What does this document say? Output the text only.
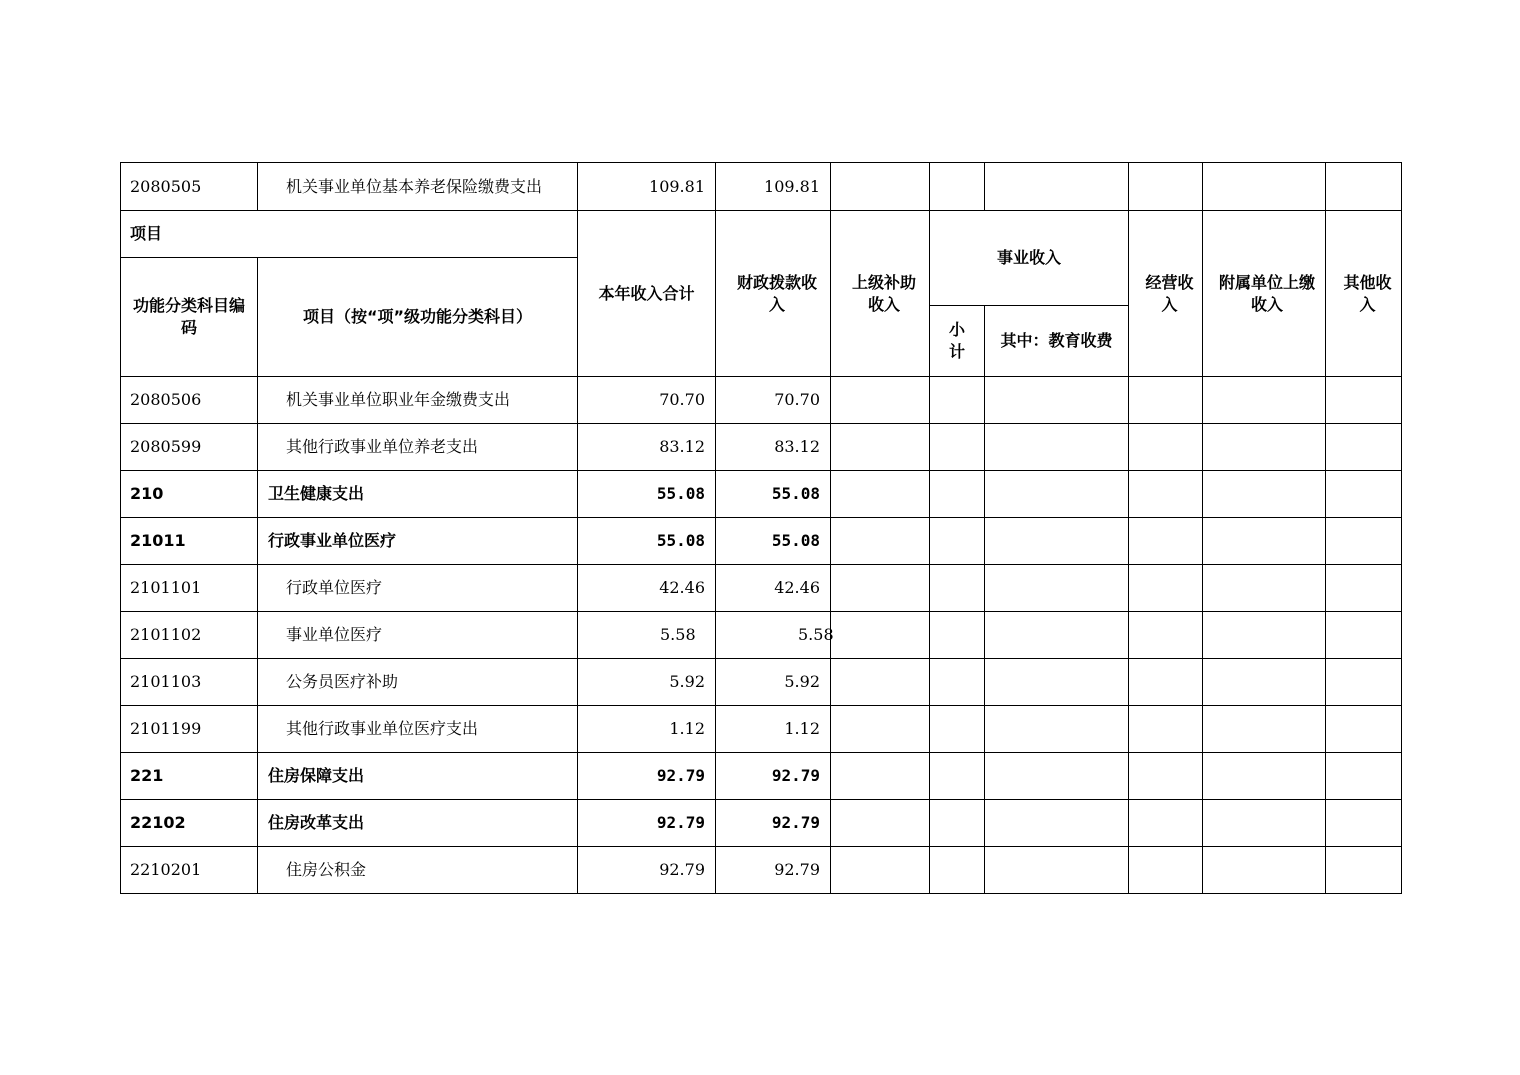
2080505	机关事业单位基本养老保险缴费支出	109.81	109.81						
项目		本年收入合计	财政拨款收入	上级补助收入	事业收入		经营收入	附属单位上缴收入	其他收入
功能分类科目编码	项目（按“项”级功能分类科目）								
					小计	其中：教育收费			
2080506	机关事业单位职业年金缴费支出	70.70	70.70						
2080599	其他行政事业单位养老支出	83.12	83.12						
210	卫生健康支出	55.08	55.08						
21011	行政事业单位医疗	55.08	55.08						
2101101	行政单位医疗	42.46	42.46						
2101102	事业单位医疗	5.58	5.58						
2101103	公务员医疗补助	5.92	5.92						
2101199	其他行政事业单位医疗支出	1.12	1.12						
221	住房保障支出	92.79	92.79						
22102	住房改革支出	92.79	92.79						
2210201	住房公积金	92.79	92.79						
